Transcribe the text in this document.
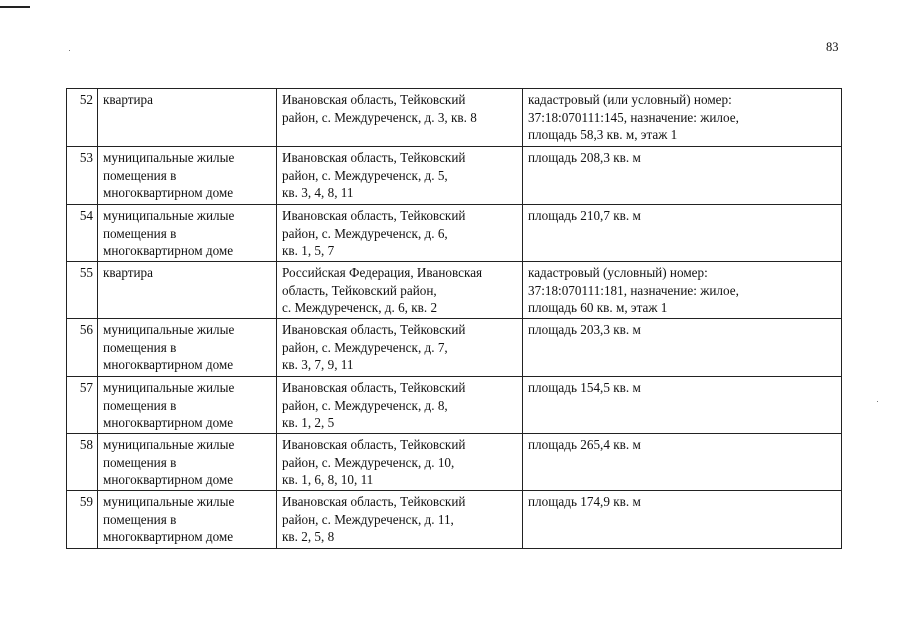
83
52	квартира	Ивановская область, Тейковский
район, с. Междуреченск, д. 3, кв. 8	кадастровый (или условный) номер:
37:18:070111:145, назначение: жилое,
площадь 58,3 кв. м, этаж 1
53	муниципальные жилые
помещения в
многоквартирном доме	Ивановская область, Тейковский
район, с. Междуреченск, д. 5,
кв. 3, 4, 8, 11	площадь 208,3 кв. м
54	муниципальные жилые
помещения в
многоквартирном доме	Ивановская область, Тейковский
район, с. Междуреченск, д. 6,
кв. 1, 5, 7	площадь 210,7 кв. м
55	квартира	Российская Федерация, Ивановская
область, Тейковский район,
с. Междуреченск, д. 6, кв. 2	кадастровый (условный) номер:
37:18:070111:181, назначение: жилое,
площадь 60 кв. м, этаж 1
56	муниципальные жилые
помещения в
многоквартирном доме	Ивановская область, Тейковский
район, с. Междуреченск, д. 7,
кв. 3, 7, 9, 11	площадь 203,3 кв. м
57	муниципальные жилые
помещения в
многоквартирном доме	Ивановская область, Тейковский
район, с. Междуреченск, д. 8,
кв. 1, 2, 5	площадь 154,5 кв. м
58	муниципальные жилые
помещения в
многоквартирном доме	Ивановская область, Тейковский
район, с. Междуреченск, д. 10,
кв. 1, 6, 8, 10, 11	площадь 265,4 кв. м
59	муниципальные жилые
помещения в
многоквартирном доме	Ивановская область, Тейковский
район, с. Междуреченск, д. 11,
кв. 2, 5, 8	площадь 174,9 кв. м
